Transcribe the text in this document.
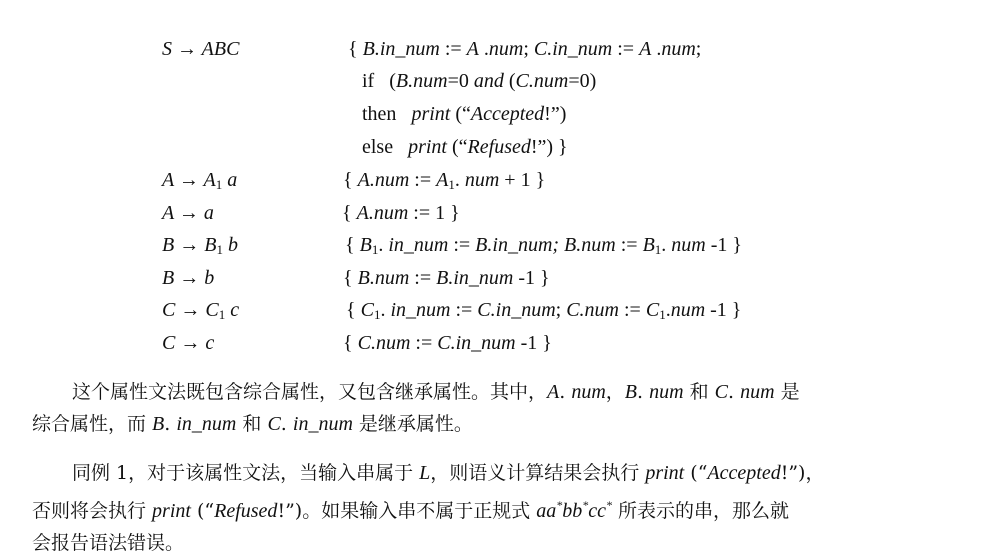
S → ABC	{ B.in_num := A .num; C.in_num := A .num;
if   (B.num=0 and (C.num=0)
then   print (“Accepted!”)
else   print (“Refused!”) }
$A \to A_1$ a	{ A.num := $A_1$. num + 1 }
A → a	{ A.num := 1 }
$B \to B_1$ b	{ $B_1$. in_num := B.in_num; B.num := $B_1$. num -1 }
B → b	{ B.num := B.in_num -1 }
$C \to C_1$ c	{ $C_1$. in_num := C.in_num; C.num := $C_1.num$ -1 }
C → c	{ C.num := C.in_num -1 }
这个属性文法既包含综合属性，又包含继承属性。其中，A. num，B. num 和 C. num 是
综合属性，而 B. in_num 和 C. in_num 是继承属性。
同例 1，对于该属性文法，当输入串属于 L，则语义计算结果会执行 print (“Accepted!”)，
否则将会执行 print (“Refused!”)。如果输入串不属于正规式 aa*bb*cc* 所表示的串，那么就
会报告语法错误。
